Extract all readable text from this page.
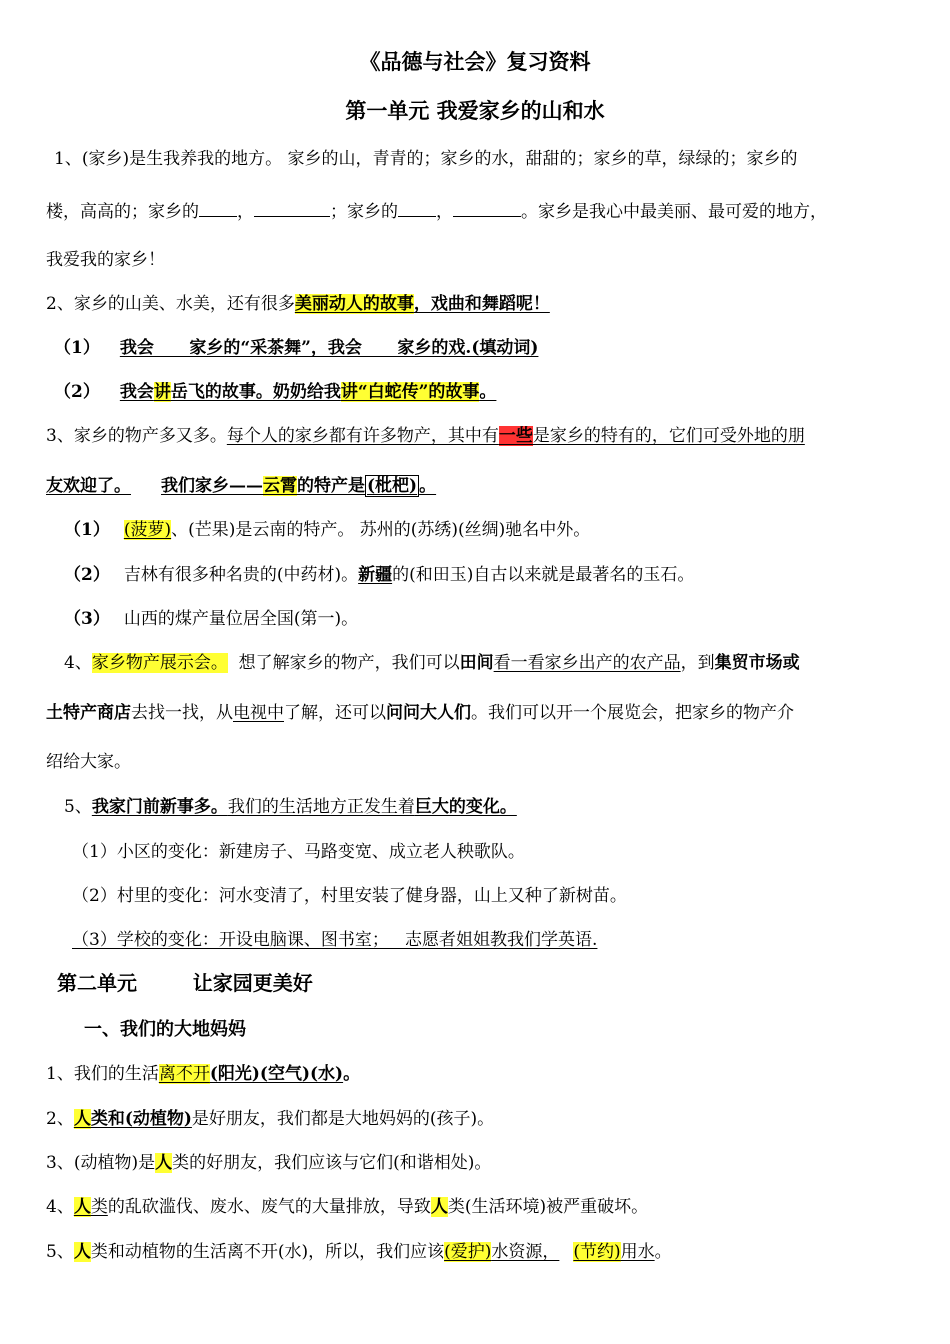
《品德与社会》复习资料
第一单元 我爱家乡的山和水
1、(家乡)是生我养我的地方。 家乡的山，青青的；家乡的水，甜甜的；家乡的草，绿绿的；家乡的
楼，高高的；家乡的 ，	；家乡的 ，	。家乡是我心中最美丽、最可爱的地方，
我爱我的家乡！
2、家乡的山美、水美，还有很多美丽动人的故事，戏曲和舞蹈呢！
（1） 我会      家乡的“采茶舞”，我会      家乡的戏.(填动词)
（2） 我会讲岳飞的故事。奶奶给我讲“白蛇传”的故事。
3、家乡的物产多又多。每个人的家乡都有许多物产，其中有一些是家乡的特有的，它们可受外地的朋
友欢迎了。 我们家乡——云霄的特产是 (枇杷) 。
（1） (菠萝)、(芒果)是云南的特产。 苏州的(苏绣)(丝绸)驰名中外。
（2） 吉林有很多种名贵的(中药材)。新疆的(和田玉)自古以来就是最著名的玉石。
（3） 山西的煤产量位居全国(第一)。
4、家乡物产展示会。  想了解家乡的物产，我们可以田间看一看家乡出产的农产品，到集贸市场或
土特产商店去找一找，从电视中了解，还可以问问大人们。我们可以开一个展览会，把家乡的物产介
绍给大家。
5、我家门前新事多。我们的生活地方正发生着巨大的变化。
（1）小区的变化：新建房子、马路变宽、成立老人秧歌队。
（2）村里的变化：河水变清了，村里安装了健身器，山上又种了新树苗。
（3）学校的变化：开设电脑课、图书室；   志愿者姐姐教我们学英语.
第二单元        让家园更美好
一、我们的大地妈妈
1、我们的生活离不开(阳光)(空气)(水)。
2、人类和(动植物)是好朋友，我们都是大地妈妈的(孩子)。
3、(动植物)是人类的好朋友，我们应该与它们(和谐相处)。
4、人类的乱砍滥伐、废水、废气的大量排放，导致人类(生活环境)被严重破坏。
5、人类和动植物的生活离不开(水)，所以，我们应该(爱护)水资源， (节约)用水。
